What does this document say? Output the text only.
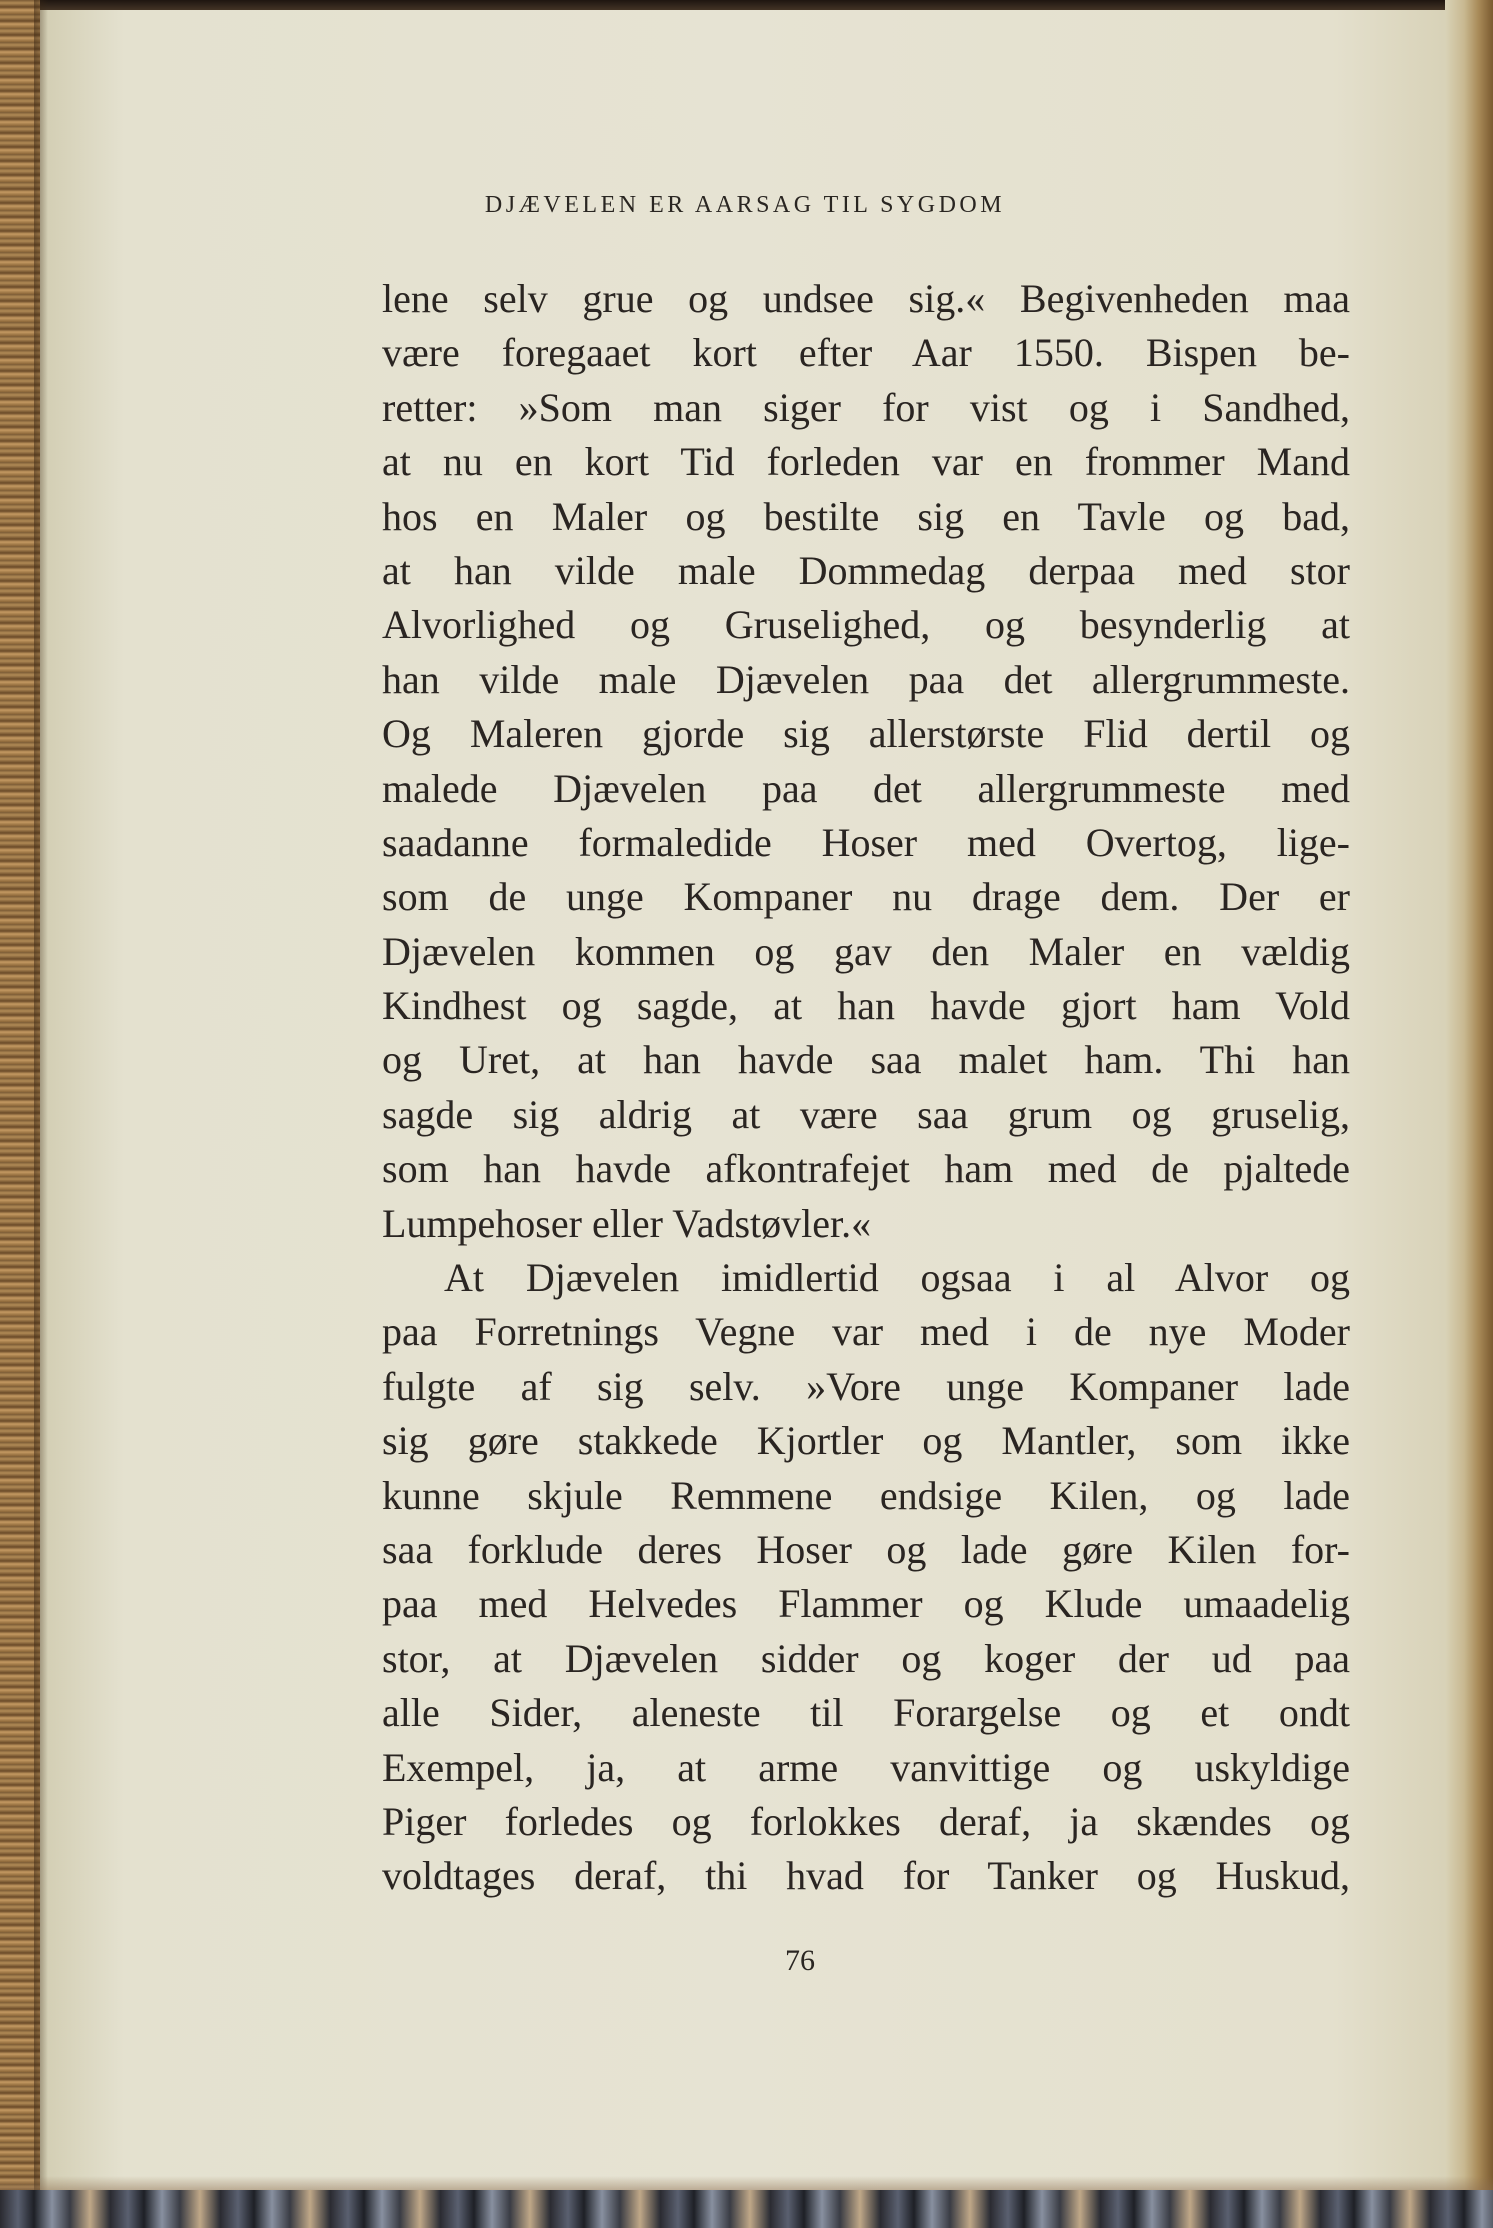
DJÆVELEN ER AARSAG TIL SYGDOM
lene selv grue og undsee sig.« Begivenheden maa
være foregaaet kort efter Aar 1550. Bispen be-
retter: »Som man siger for vist og i Sandhed,
at nu en kort Tid forleden var en frommer Mand
hos en Maler og bestilte sig en Tavle og bad,
at han vilde male Dommedag derpaa med stor
Alvorlighed og Gruselighed, og besynderlig at
han vilde male Djævelen paa det allergrummeste.
Og Maleren gjorde sig allerstørste Flid dertil og
malede Djævelen paa det allergrummeste med
saadanne formaledide Hoser med Overtog, lige-
som de unge Kompaner nu drage dem. Der er
Djævelen kommen og gav den Maler en vældig
Kindhest og sagde, at han havde gjort ham Vold
og Uret, at han havde saa malet ham. Thi han
sagde sig aldrig at være saa grum og gruselig,
som han havde afkontrafejet ham med de pjaltede
Lumpehoser eller Vadstøvler.«
At Djævelen imidlertid ogsaa i al Alvor og
paa Forretnings Vegne var med i de nye Moder
fulgte af sig selv. »Vore unge Kompaner lade
sig gøre stakkede Kjortler og Mantler, som ikke
kunne skjule Remmene endsige Kilen, og lade
saa forklude deres Hoser og lade gøre Kilen for-
paa med Helvedes Flammer og Klude umaadelig
stor, at Djævelen sidder og koger der ud paa
alle Sider, aleneste til Forargelse og et ondt
Exempel, ja, at arme vanvittige og uskyldige
Piger forledes og forlokkes deraf, ja skændes og
voldtages deraf, thi hvad for Tanker og Huskud,
76
